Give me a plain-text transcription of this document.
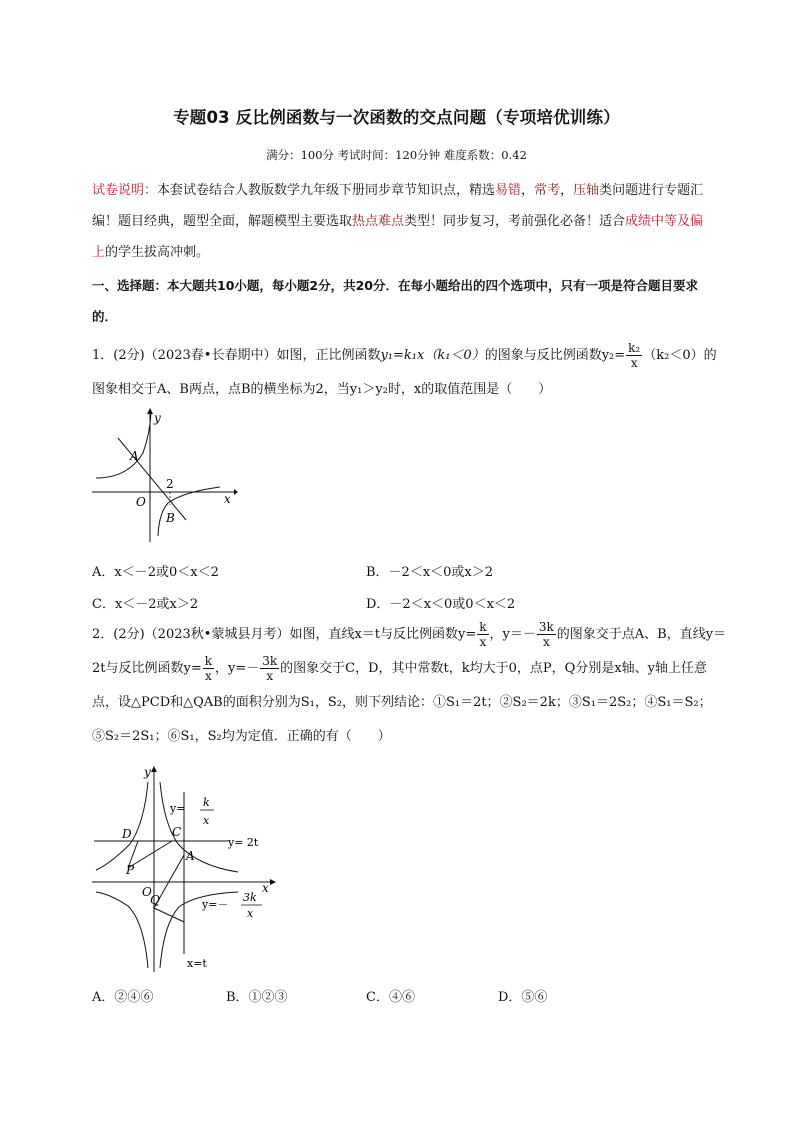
专题03 反比例函数与一次函数的交点问题（专项培优训练）
满分：100分 考试时间：120分钟 难度系数：0.42
试卷说明：本套试卷结合人教版数学九年级下册同步章节知识点，精选易错，常考，压轴类问题进行专题汇编！题目经典，题型全面，解题模型主要选取热点难点类型！同步复习，考前强化必备！适合成绩中等及偏上的学生拔高冲刺。
一、选择题：本大题共10小题，每小题2分，共20分．在每小题给出的四个选项中，只有一项是符合题目要求的．
1．(2分)（2023春•长春期中）如图，正比例函数y₁=k₁x（k₁＜0）的图象与反比例函数$y_2= \frac{\text{k₂}}{x} (k_2<0)$的图象相交于A、B两点，点B的横坐标为2，当y₁＞y₂时，x的取值范围是（　　）
y
x
O
A
B
2
A．x＜－2或0＜x＜2	B．－2＜x＜0或x＞2
C．x＜－2或x＞2	D．－2＜x＜0或0＜x＜2
2．(2分)（2023秋•蒙城县月考）如图，直线x＝t与反比例函数$y= \frac{k}{x}$ ，$y=- \frac{3k}{x}$ 的图象交于点A、B，直线y＝2t与反比例函数$y= \frac{k}{x}$ ，$y=- \frac{3k}{x}$ 的图象交于C，D，其中常数t，k均大于0，点P，Q分别是x轴、y轴上任意点，设△PCD和△QAB的面积分别为S₁，S₂，则下列结论：①S₁＝2t；②S₂＝2k；③S₁＝2S₂；④S₁＝S₂；⑤S₂＝2S₁；⑥S₁，S₂均为定值．正确的有（　　）
y
x
O
D	C
A
P
Q
y= k
x
y= 2t
y=－
3k
x
x=t
A．②④⑥	B．①②③	C．④⑥	D．⑤⑥
